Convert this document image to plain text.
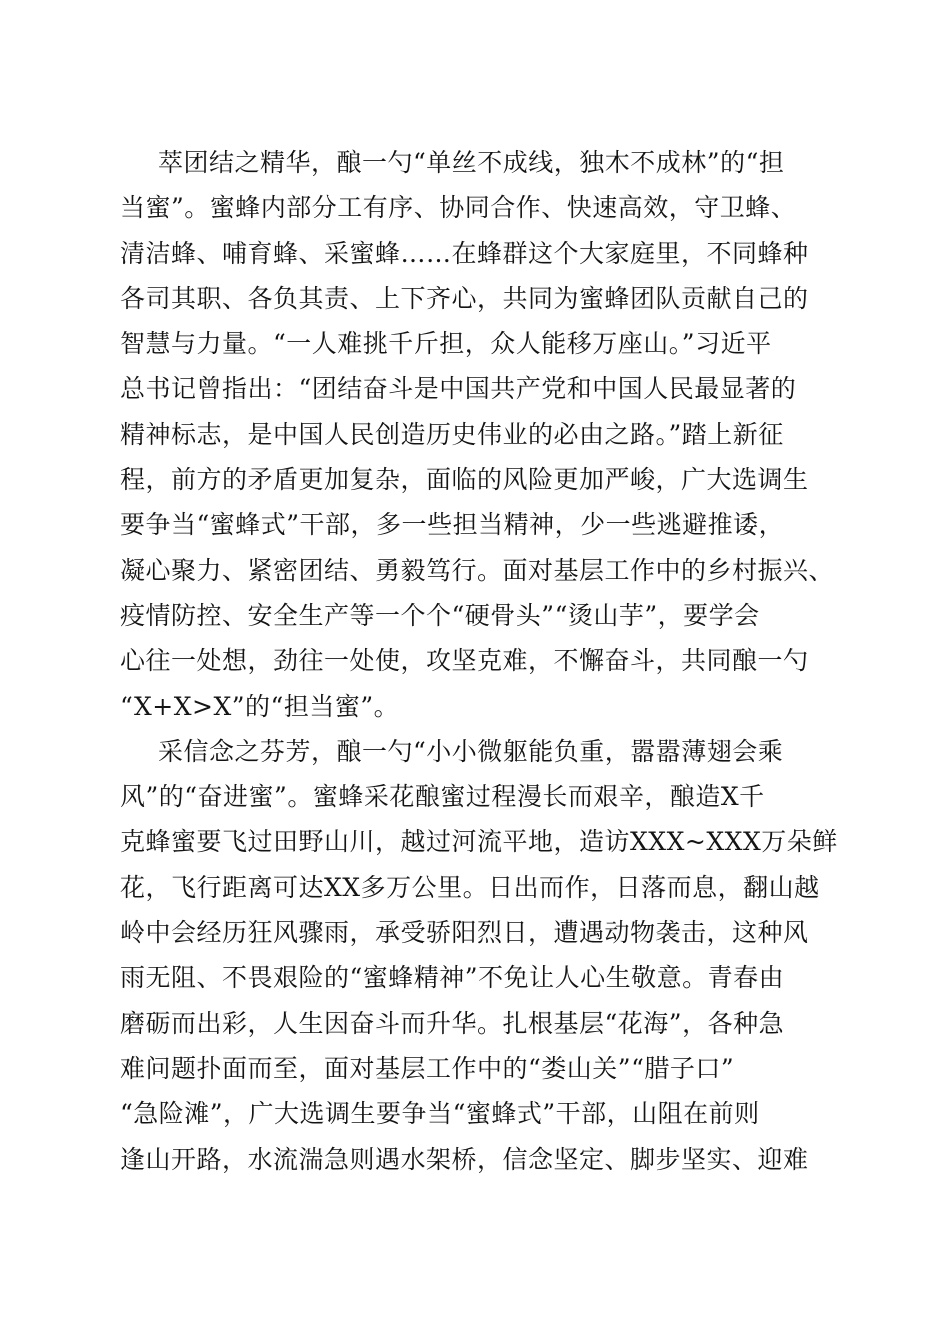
萃团结之精华，酿一勺“单丝不成线，独木不成林”的“担
当蜜”。蜜蜂内部分工有序、协同合作、快速高效，守卫蜂、
清洁蜂、哺育蜂、采蜜蜂……在蜂群这个大家庭里，不同蜂种
各司其职、各负其责、上下齐心，共同为蜜蜂团队贡献自己的
智慧与力量。“一人难挑千斤担，众人能移万座山。”习近平
总书记曾指出：“团结奋斗是中国共产党和中国人民最显著的
精神标志，是中国人民创造历史伟业的必由之路。”踏上新征
程，前方的矛盾更加复杂，面临的风险更加严峻，广大选调生
要争当“蜜蜂式”干部，多一些担当精神，少一些逃避推诿，
凝心聚力、紧密团结、勇毅笃行。面对基层工作中的乡村振兴、
疫情防控、安全生产等一个个“硬骨头”“烫山芋”，要学会
心往一处想，劲往一处使，攻坚克难，不懈奋斗，共同酿一勺
“X+X>X”的“担当蜜”。
采信念之芬芳，酿一勺“小小微躯能负重，嚣嚣薄翅会乘
风”的“奋进蜜”。蜜蜂采花酿蜜过程漫长而艰辛，酿造X千
克蜂蜜要飞过田野山川，越过河流平地，造访XXX~XXX万朵鲜
花，飞行距离可达XX多万公里。日出而作，日落而息，翻山越
岭中会经历狂风骤雨，承受骄阳烈日，遭遇动物袭击，这种风
雨无阻、不畏艰险的“蜜蜂精神”不免让人心生敬意。青春由
磨砺而出彩，人生因奋斗而升华。扎根基层“花海”，各种急
难问题扑面而至，面对基层工作中的“娄山关”“腊子口”
“急险滩”，广大选调生要争当“蜜蜂式”干部，山阻在前则
逢山开路，水流湍急则遇水架桥，信念坚定、脚步坚实、迎难
